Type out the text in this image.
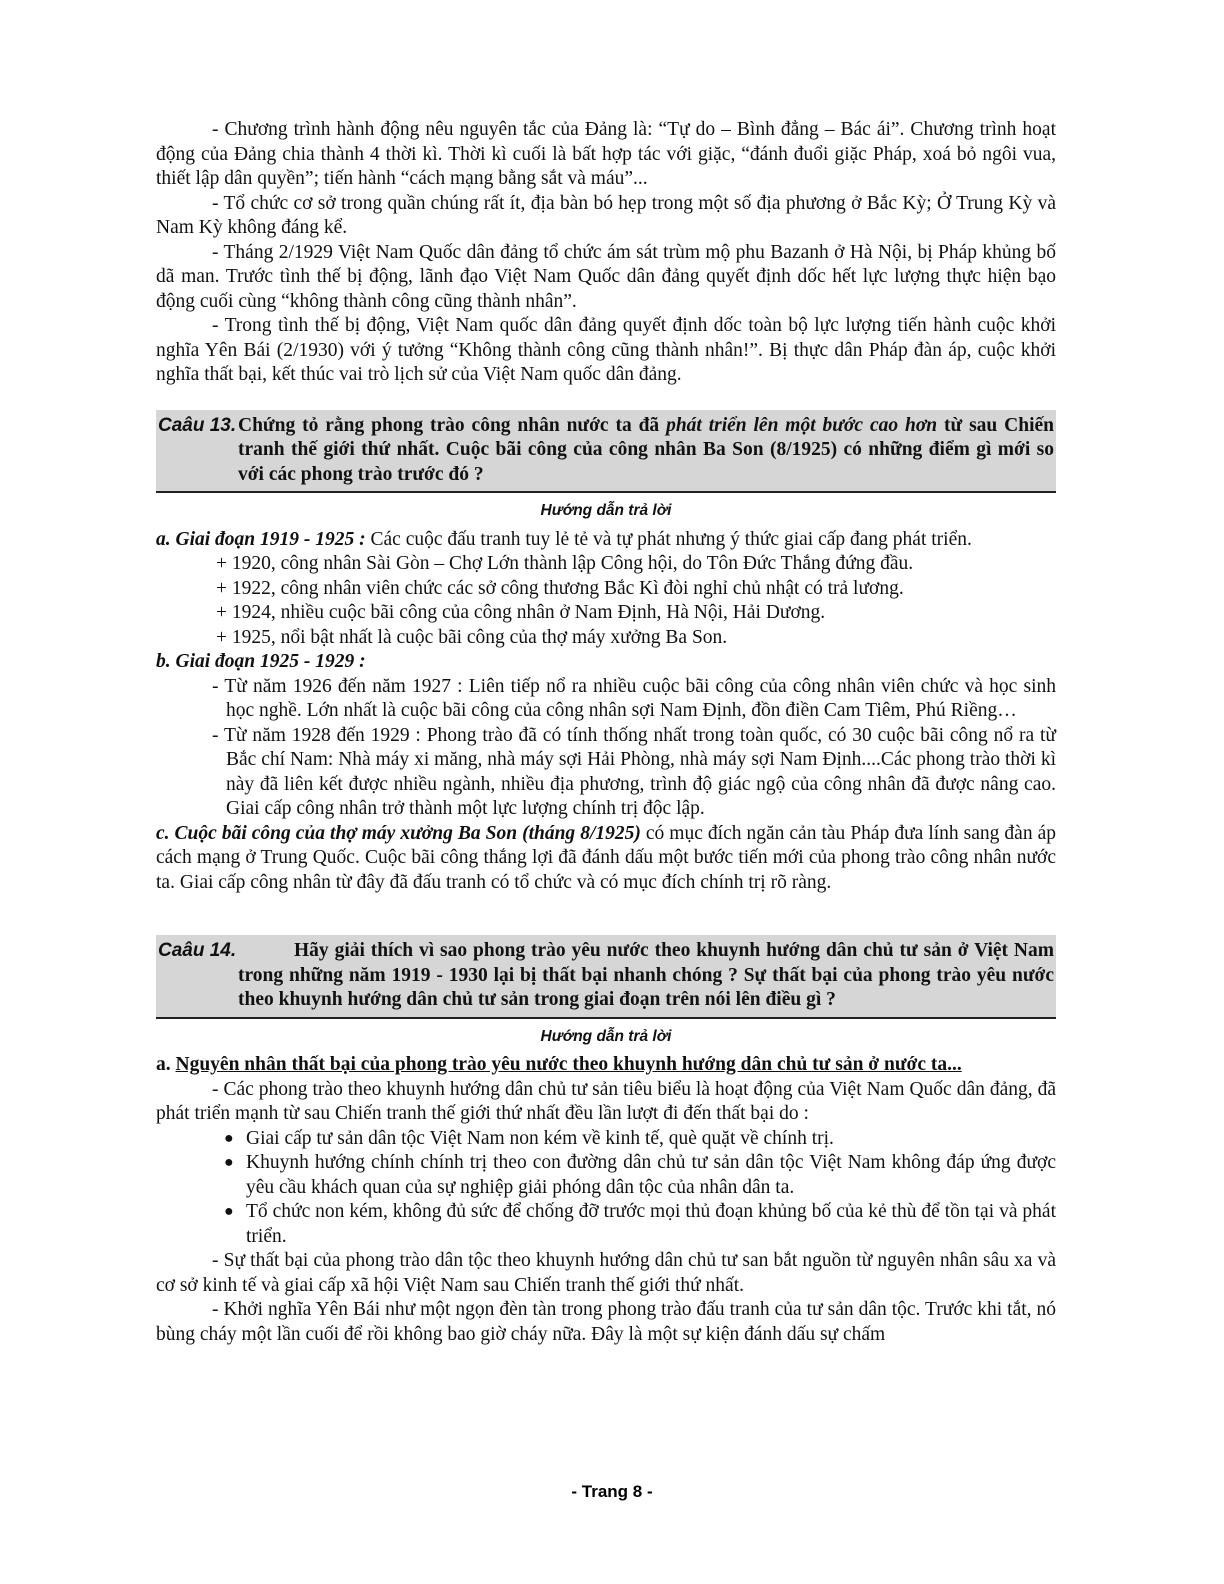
- Chương trình hành động nêu nguyên tắc của Đảng là: “Tự do – Bình đẳng – Bác ái”. Chương trình hoạt động của Đảng chia thành 4 thời kì. Thời kì cuối là bất hợp tác với giặc, “đánh đuổi giặc Pháp, xoá bỏ ngôi vua, thiết lập dân quyền”; tiến hành “cách mạng bằng sắt và máu”...

- Tổ chức cơ sở trong quần chúng rất ít, địa bàn bó hẹp trong một số địa phương ở Bắc Kỳ; Ở Trung Kỳ và Nam Kỳ không đáng kể.

- Tháng 2/1929 Việt Nam Quốc dân đảng tổ chức ám sát trùm mộ phu Bazanh ở Hà Nội, bị Pháp khủng bố dã man. Trước tình thế bị động, lãnh đạo Việt Nam Quốc dân đảng quyết định dốc hết lực lượng thực hiện bạo động cuối cùng “không thành công cũng thành nhân”.

- Trong tình thế bị động, Việt Nam quốc dân đảng quyết định dốc toàn bộ lực lượng tiến hành cuộc khởi nghĩa Yên Bái (2/1930) với ý tưởng “Không thành công cũng thành nhân!”. Bị thực dân Pháp đàn áp, cuộc khởi nghĩa thất bại, kết thúc vai trò lịch sử của Việt Nam quốc dân đảng.

Caâu 13. Chứng tỏ rằng phong trào công nhân nước ta đã phát triển lên một bước cao hơn từ sau Chiến tranh thế giới thứ nhất. Cuộc bãi công của công nhân Ba Son (8/1925) có những điểm gì mới so với các phong trào trước đó ?
Hướng dẫn trả lời

a. Giai đoạn 1919 - 1925 : Các cuộc đấu tranh tuy lẻ tẻ và tự phát nhưng ý thức giai cấp đang phát triển.

+ 1920, công nhân Sài Gòn – Chợ Lớn thành lập Công hội, do Tôn Đức Thắng đứng đầu.

+ 1922, công nhân viên chức các sở công thương Bắc Kì đòi nghỉ chủ nhật có trả lương.

+ 1924, nhiều cuộc bãi công của công nhân ở Nam Định, Hà Nội, Hải Dương.

+ 1925, nổi bật nhất là cuộc bãi công của thợ máy xưởng Ba Son.

b. Giai đoạn 1925 - 1929 :

- Từ năm 1926 đến năm 1927 : Liên tiếp nổ ra nhiều cuộc bãi công của công nhân viên chức và học sinh học nghề. Lớn nhất là cuộc bãi công của công nhân sợi Nam Định, đồn điền Cam Tiêm, Phú Riềng…

- Từ năm 1928 đến 1929 : Phong trào đã có tính thống nhất trong toàn quốc, có 30 cuộc bãi công nổ ra từ Bắc chí Nam: Nhà máy xi măng, nhà máy sợi Hải Phòng, nhà máy sợi Nam Định....Các phong trào thời kì này đã liên kết được nhiều ngành, nhiều địa phương, trình độ giác ngộ của công nhân đã được nâng cao. Giai cấp công nhân trở thành một lực lượng chính trị độc lập.

c. Cuộc bãi công của thợ máy xưởng Ba Son (tháng 8/1925) có mục đích ngăn cản tàu Pháp đưa lính sang đàn áp cách mạng ở Trung Quốc. Cuộc bãi công thắng lợi đã đánh dấu một bước tiến mới của phong trào công nhân nước ta. Giai cấp công nhân từ đây đã đấu tranh có tổ chức và có mục đích chính trị rõ ràng.

Caâu 14.	Hãy giải thích vì sao phong trào yêu nước theo khuynh hướng dân chủ tư sản ở Việt Nam trong những năm 1919 - 1930 lại bị thất bại nhanh chóng ? Sự thất bại của phong trào yêu nước theo khuynh hướng dân chủ tư sản trong giai đoạn trên nói lên điều gì ?
Hướng dẫn trả lời

a. Nguyên nhân thất bại của phong trào yêu nước theo khuynh hướng dân chủ tư sản ở nước ta...

- Các phong trào theo khuynh hướng dân chủ tư sản tiêu biểu là hoạt động của Việt Nam Quốc dân đảng, đã phát triển mạnh từ sau Chiến tranh thế giới thứ nhất đều lần lượt đi đến thất bại do :

● Giai cấp tư sản dân tộc Việt Nam non kém về kinh tế, què quặt về chính trị.
● Khuynh hướng chính chính trị theo con đường dân chủ tư sản dân tộc Việt Nam không đáp ứng được yêu cầu khách quan của sự nghiệp giải phóng dân tộc của nhân dân ta.
● Tổ chức non kém, không đủ sức để chống đỡ trước mọi thủ đoạn khủng bố của kẻ thù để tồn tại và phát triển.

- Sự thất bại của phong trào dân tộc theo khuynh hướng dân chủ tư san bắt nguồn từ nguyên nhân sâu xa và cơ sở kinh tế và giai cấp xã hội Việt Nam sau Chiến tranh thế giới thứ nhất.

- Khởi nghĩa Yên Bái như một ngọn đèn tàn trong phong trào đấu tranh của tư sản dân tộc. Trước khi tắt, nó bùng cháy một lần cuối để rồi không bao giờ cháy nữa. Đây là một sự kiện đánh dấu sự chấm

- Trang 8 -
